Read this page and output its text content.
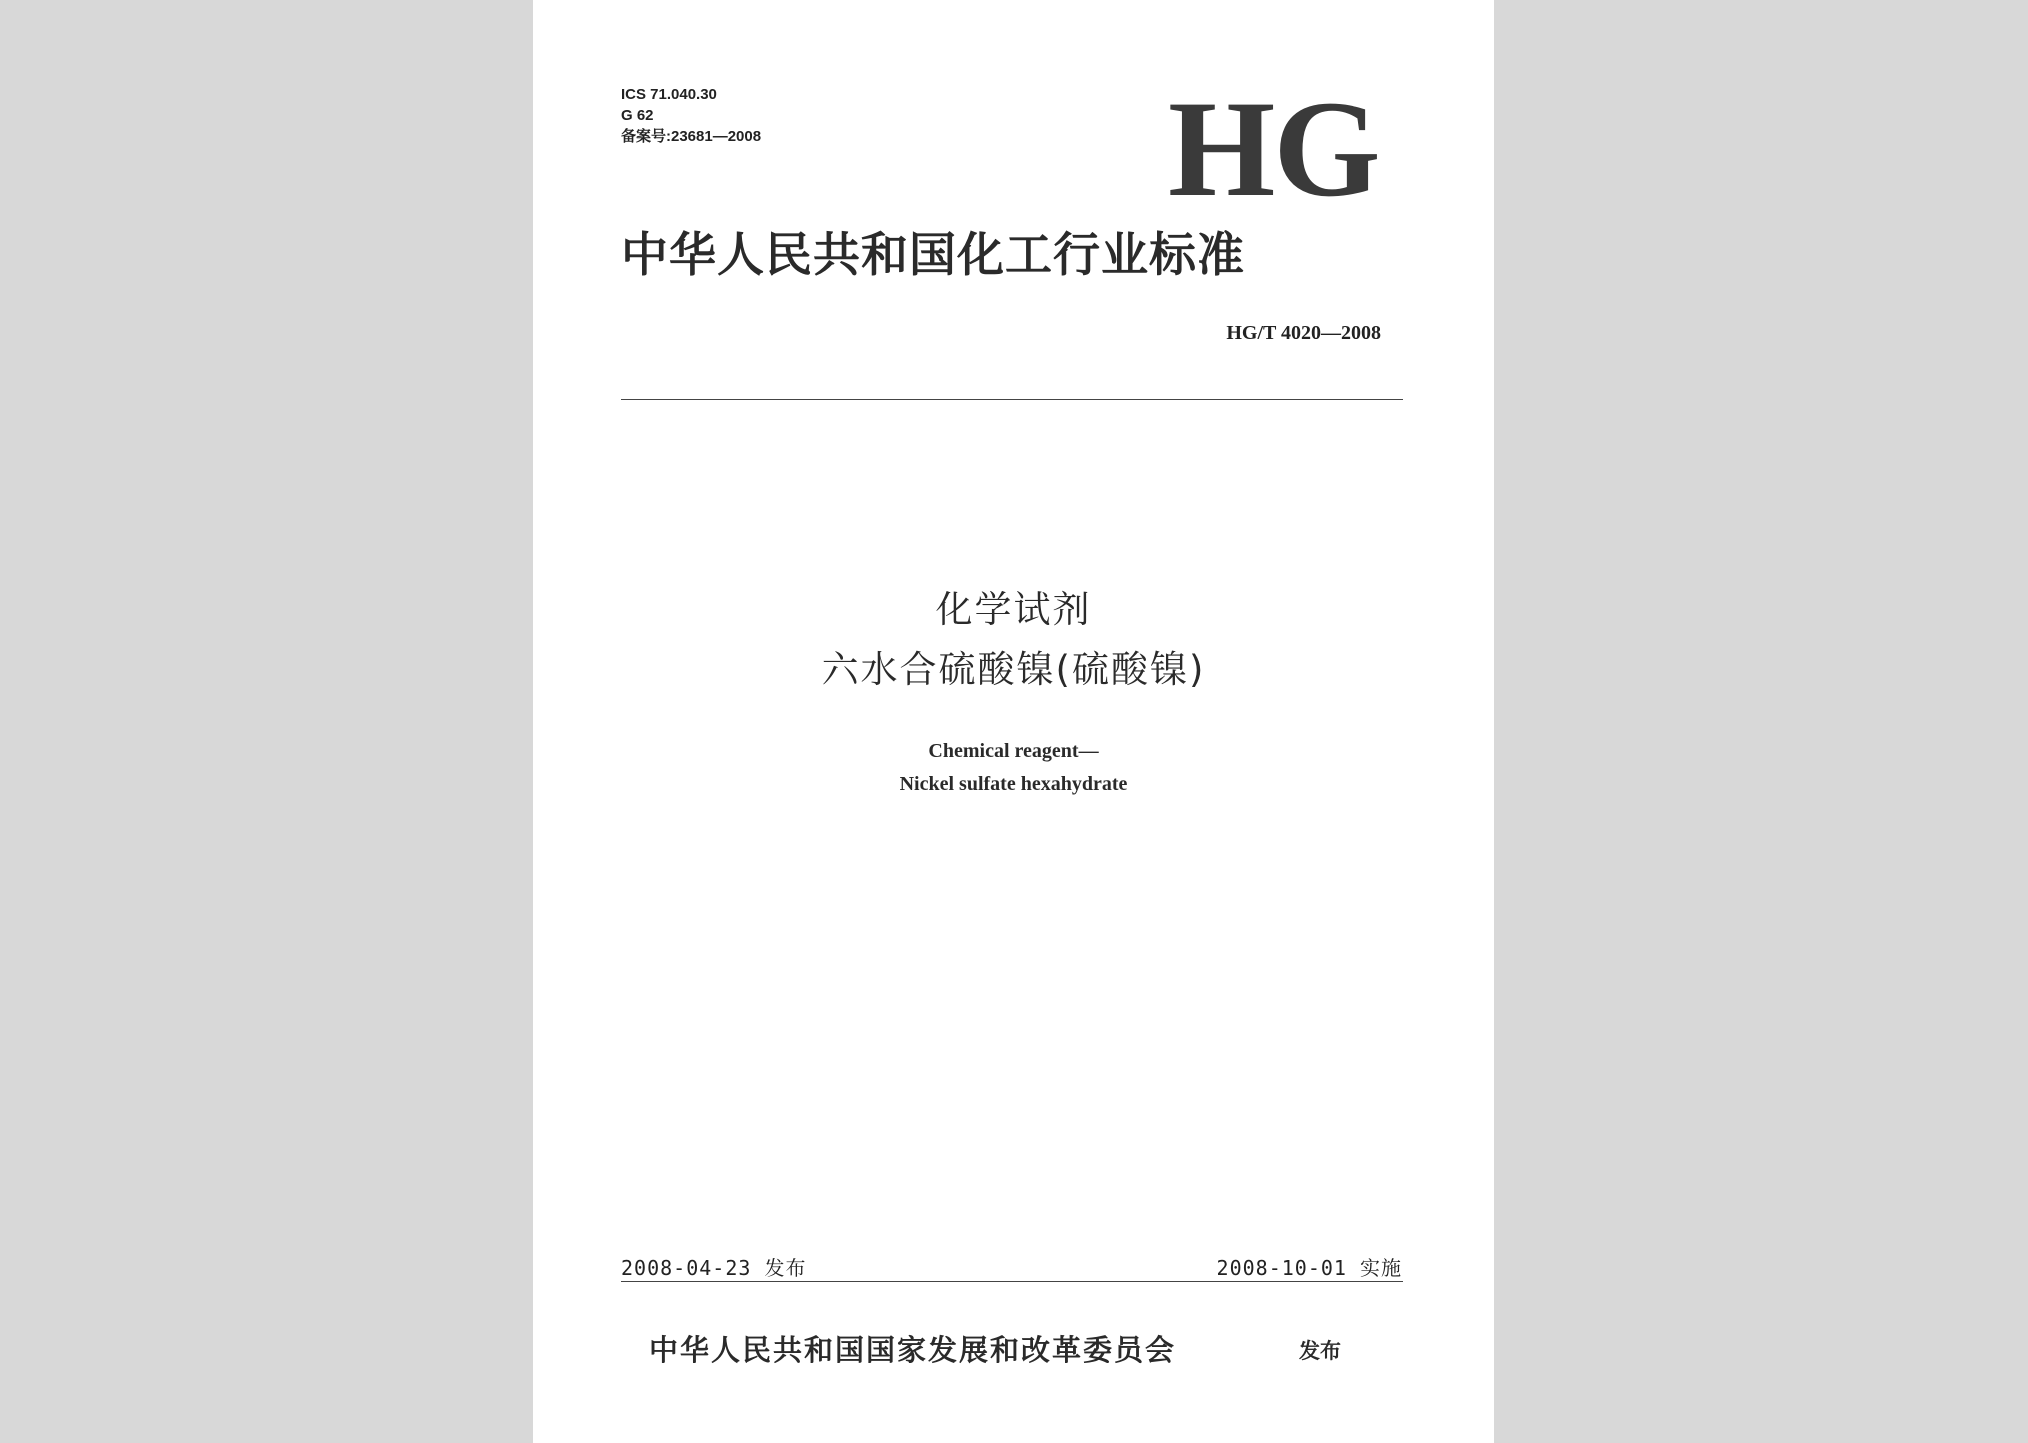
ICS 71.040.30
G 62
备案号:23681—2008	HG
中华人民共和国化工行业标准
HG/T 4020—2008
化学试剂
六水合硫酸镍(硫酸镍)
Chemical reagent—
Nickel sulfate hexahydrate
2008-04-23 发布	2008-10-01 实施
中华人民共和国国家发展和改革委员会	发布
